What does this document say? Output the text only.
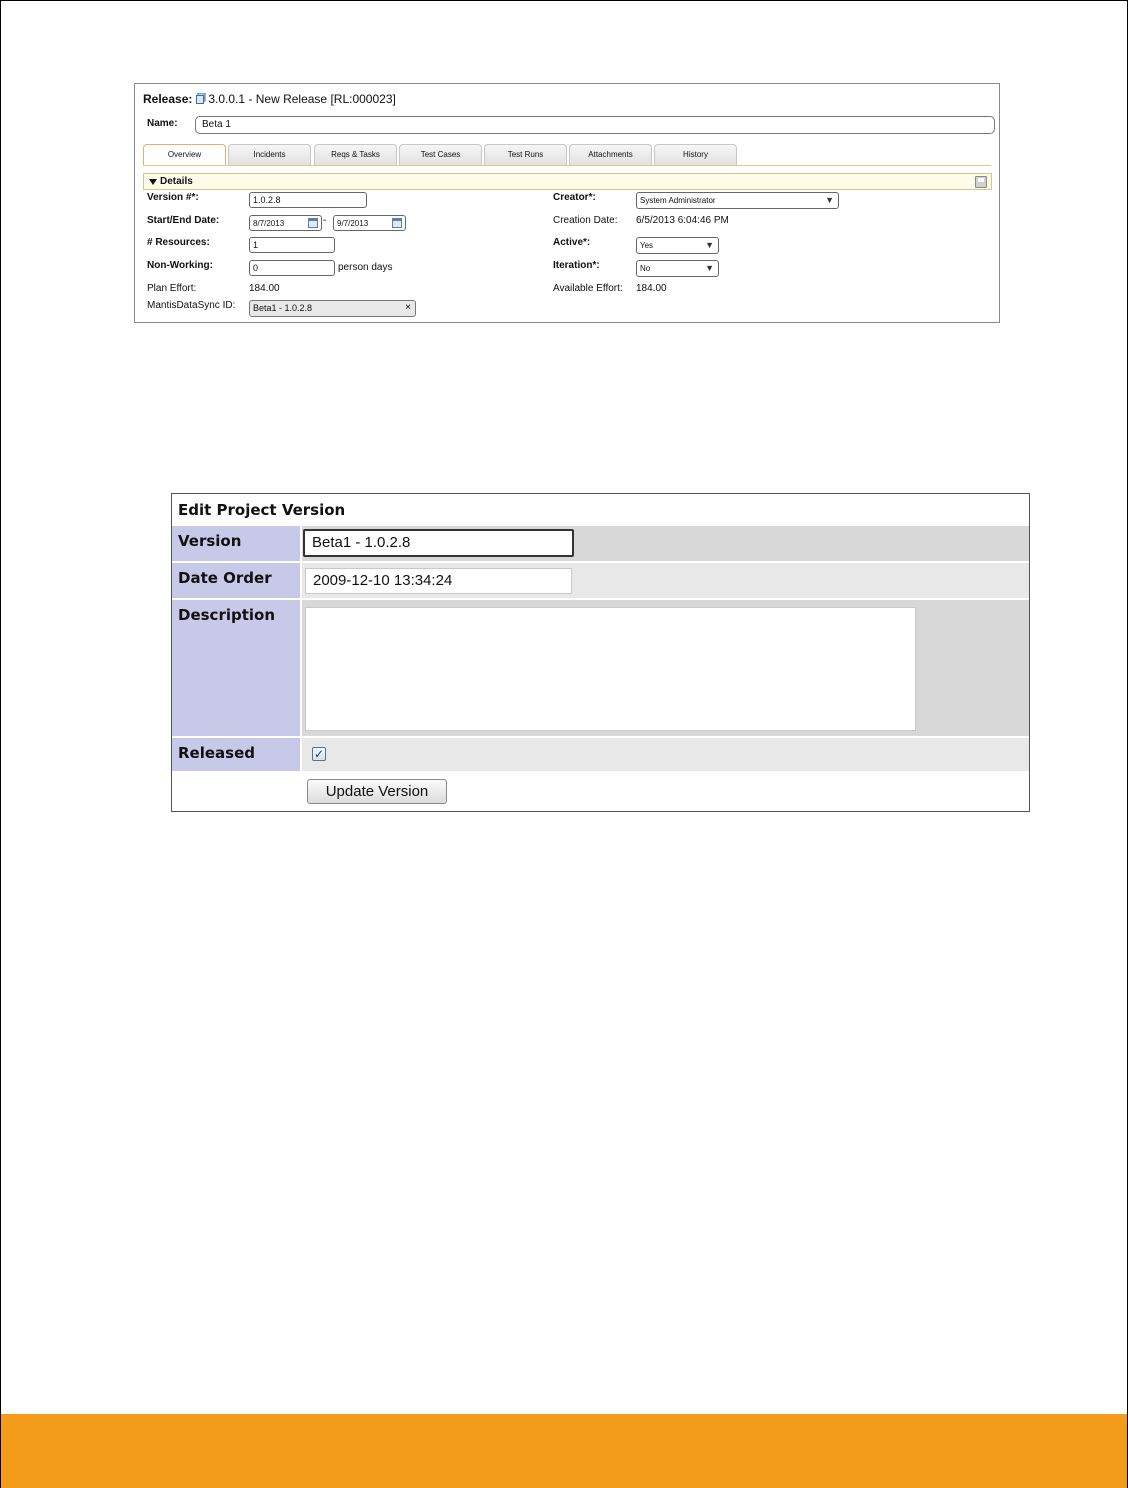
Release: 3.0.0.1 - New Release [RL:000023]
Name:	Beta 1
Overview	Incidents	Reqs & Tasks	Test Cases	Test Runs	Attachments	History
Details
Version #*:	1.0.2.8
Start/End Date:	8/7/2013	-	9/7/2013
# Resources:	1
Non-Working:	0	person days
Plan Effort:	184.00
MantisDataSync ID:	Beta1 - 1.0.2.8	×
Creator*:	System Administrator	▼
Creation Date: 6/5/2013 6:04:46 PM
Active*:	Yes	▼
Iteration*:	No	▼
Available Effort: 184.00
Edit Project Version
Version	Beta1 - 1.0.2.8
Date Order	2009-12-10 13:34:24
Description
Released	✓
Update Version
